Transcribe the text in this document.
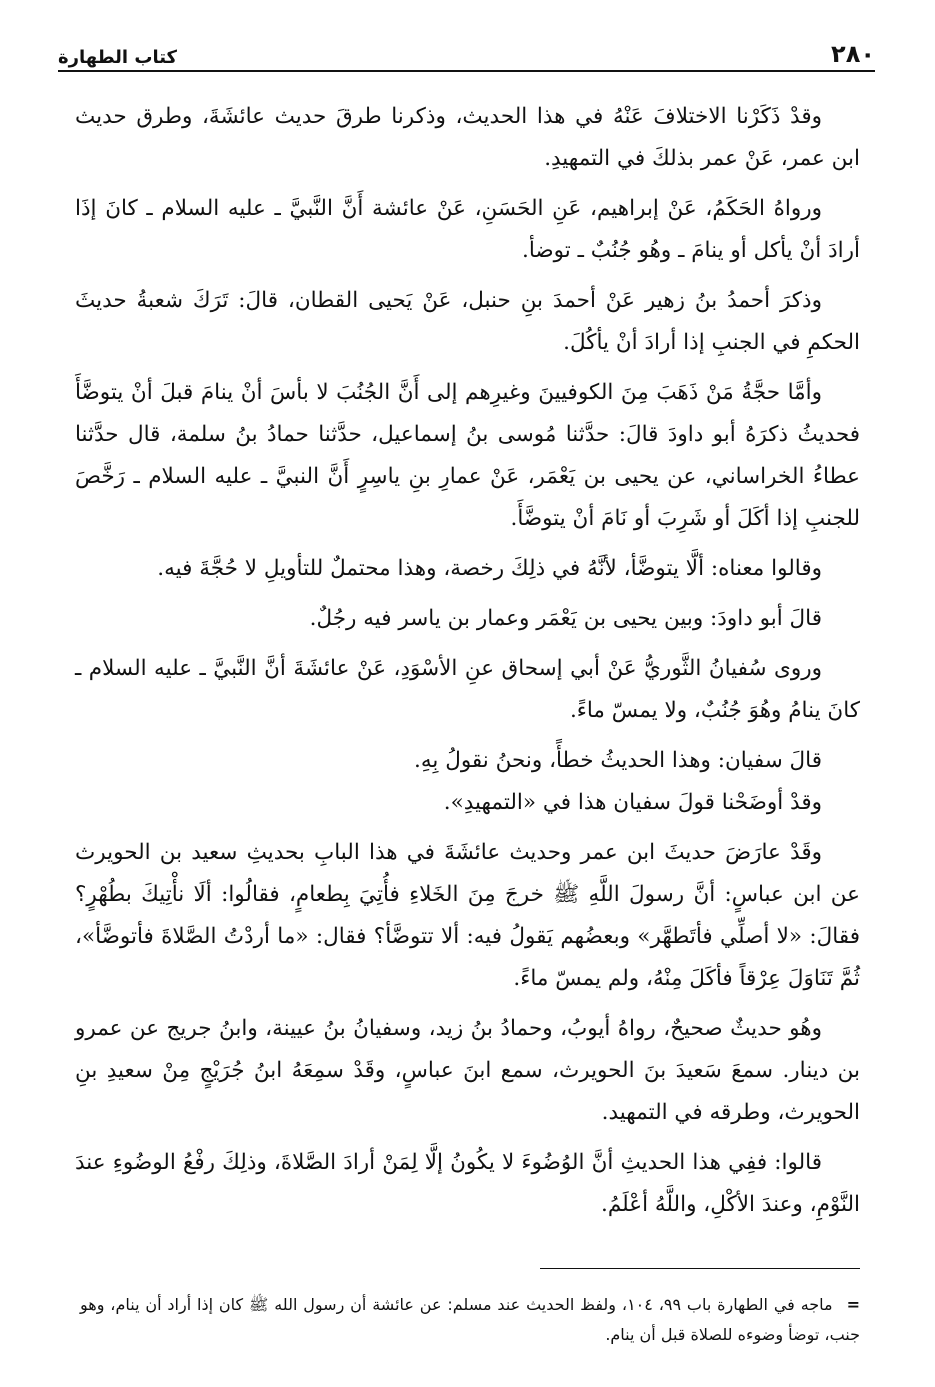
٢٨٠
كتاب الطهارة

وقدْ ذَكَرْنا الاختلافَ عَنْهُ في هذا الحديث، وذكرنا طرقَ حديث عائشَةَ، وطرق حديث ابن عمر، عَنْ عمر بذلكَ في التمهيدِ.

ورواهُ الحَكَمُ، عَنْ إبراهيم، عَنِ الحَسَنِ، عَنْ عائشة أَنَّ النَّبيَّ ـ عليه السلام ـ كانَ إذَا أرادَ أنْ يأكل أو ينامَ ـ وهُو جُنُبٌ ـ توضأ.

وذكرَ أحمدُ بنُ زهير عَنْ أحمدَ بنِ حنبل، عَنْ يَحيى القطان، قالَ: تَرَكَ شعبةُ حديثَ الحكمِ في الجنبِ إذا أرادَ أنْ يأكُلَ.

وأمَّا حجَّةُ مَنْ ذَهَبَ مِنَ الكوفيينَ وغيرِهم إلى أَنَّ الجُنُبَ لا بأسَ أنْ ينامَ قبلَ أنْ يتوضَّأَ فحديثُ ذكرَهُ أبو داودَ قالَ: حدَّثنا مُوسى بنُ إسماعيل، حدَّثنا حمادُ بنُ سلمة، قال حدَّثنا عطاءُ الخراساني، عن يحيى بن يَعْمَر، عَنْ عمارِ بنِ ياسِرٍ أَنَّ النبيَّ ـ عليه السلام ـ رَخَّصَ للجنبِ إذا أكَلَ أو شَرِبَ أو نَامَ أنْ يتوضَّأَ.

وقالوا معناه: ألَّا يتوضَّأ، لأنَّهُ في ذلِكَ رخصة، وهذا محتملٌ للتأويلِ لا حُجَّةَ فيه.

قالَ أبو داودَ: وبين يحيى بن يَعْمَر وعمار بن ياسر فيه رجُلٌ.

وروى سُفيانُ الثَّوريُّ عَنْ أبي إسحاق عنِ الأسْوَدِ، عَنْ عائشَةَ أنَّ النَّبيَّ ـ عليه السلام ـ كانَ ينامُ وهُوَ جُنُبٌ، ولا يمسّ ماءً.

قالَ سفيان: وهذا الحديثُ خطأً، ونحنُ نقولُ بِهِ.

وقدْ أوضَحْنا قولَ سفيان هذا في «التمهيدِ».

وقَدْ عارَضَ حديثَ ابن عمر وحديث عائشَةَ في هذا البابِ بحديثِ سعيد بن الحويرث عن ابن عباسٍ: أنَّ رسولَ اللَّهِ ﷺ خرجَ مِنَ الخَلاءِ فأُتِيَ بِطعامٍ، فقالُوا: ألَا نأْتِيكَ بطُهْرٍ؟ فقالَ: «لا أصلِّي فأتَطهَّر» وبعضُهم يَقولُ فيه: ألا تتوضَّأ؟ فقال: «ما أردْتُ الصَّلاةَ فأتوضَّأ»، ثُمَّ تَنَاوَلَ عِرْقاً فأكَلَ مِنْهُ، ولم يمسّ ماءً.

وهُو حديثٌ صحيحٌ، رواهُ أيوبُ، وحمادُ بنُ زيد، وسفيانُ بنُ عيينة، وابنُ جريج عن عمرو بن دينار. سمعَ سَعيدَ بنَ الحويرث، سمع ابنَ عباسٍ، وقَدْ سمِعَهُ ابنُ جُرَيْجٍ مِنْ سعيدِ بنِ الحويرث، وطرقه في التمهيد.

قالوا: ففِي هذا الحديثِ أنَّ الوُضُوءَ لا يكُونُ إلَّا لِمَنْ أرادَ الصَّلاةَ، وذلِكَ رفْعُ الوضُوءِ عندَ النَّوْمِ، وعندَ الأكْلِ، واللَّهُ أعْلَمُ.

=
ماجه في الطهارة باب ٩٩، ١٠٤، ولفظ الحديث عند مسلم: عن عائشة أن رسول الله ﷺ كان إذا أراد أن ينام، وهو جنب، توضأ وضوءه للصلاة قبل أن ينام.
